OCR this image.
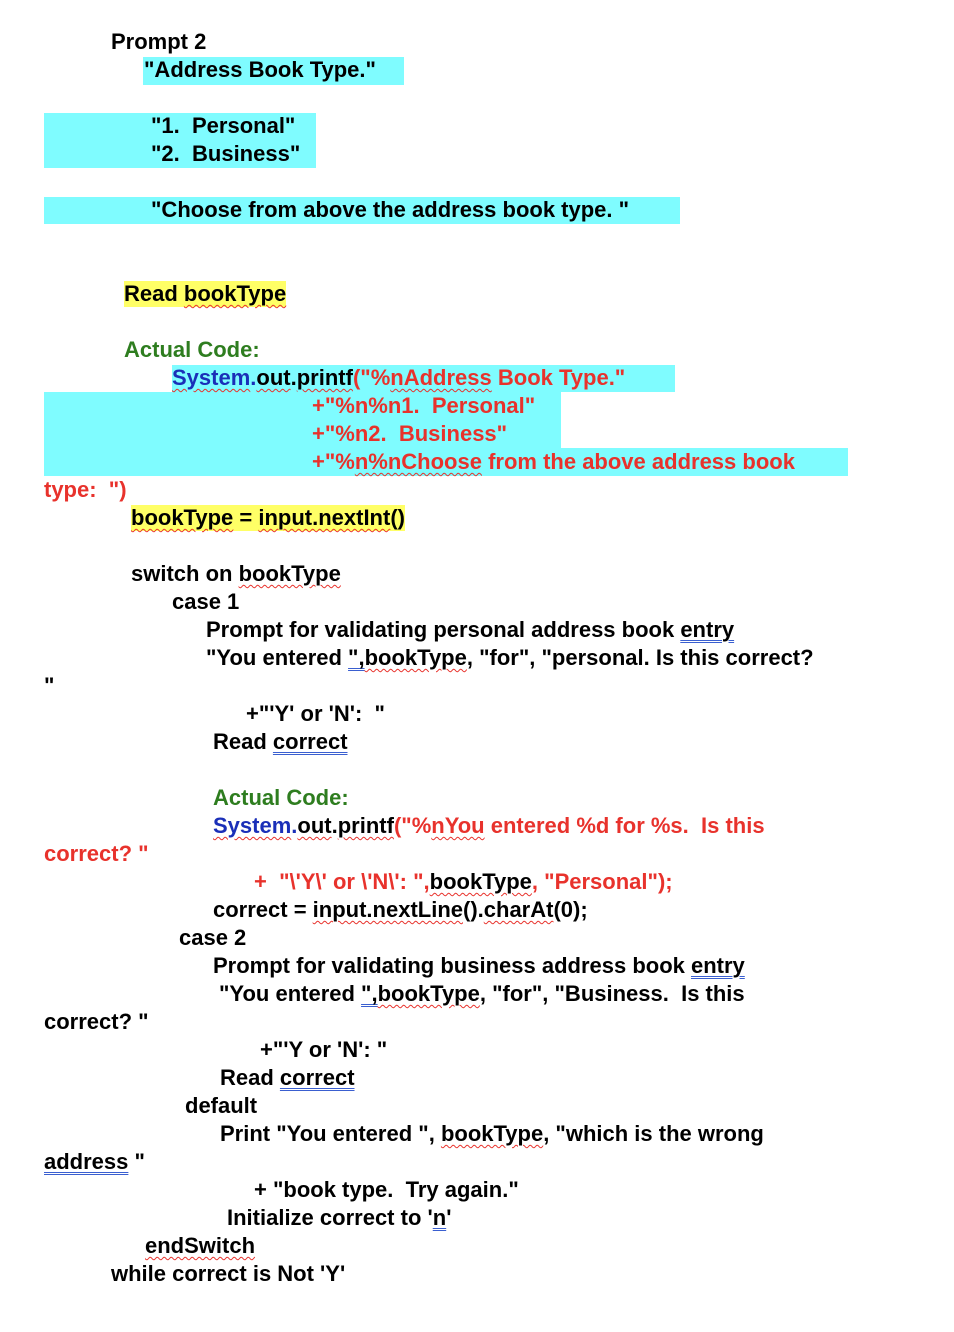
Prompt 2
"Address Book Type."
"1.  Personal"
"2.  Business"
"Choose from above the address book type. "
Read bookType
Actual Code:
System.out.printf("%nAddress Book Type."
+"%n%n1.  Personal"
+"%n2.  Business"
+"%n%nChoose from the above address book
type:  ")
bookType = input.nextInt()
switch on bookType
case 1
Prompt for validating personal address book entry
"You entered ",bookType, "for", "personal. Is this correct?
"
+"'Y' or 'N':  "
Read correct
Actual Code:
System.out.printf("%nYou entered %d for %s.  Is this
correct? "
+  "\'Y\' or \'N\': ",bookType, "Personal");
correct = input.nextLine().charAt(0);
case 2
Prompt for validating business address book entry
"You entered ",bookType, "for", "Business.  Is this
correct? "
+"'Y or 'N': "
Read correct
default
Print "You entered ", bookType, "which is the wrong
address "
+ "book type.  Try again."
Initialize correct to 'n'
endSwitch
while correct is Not 'Y'
